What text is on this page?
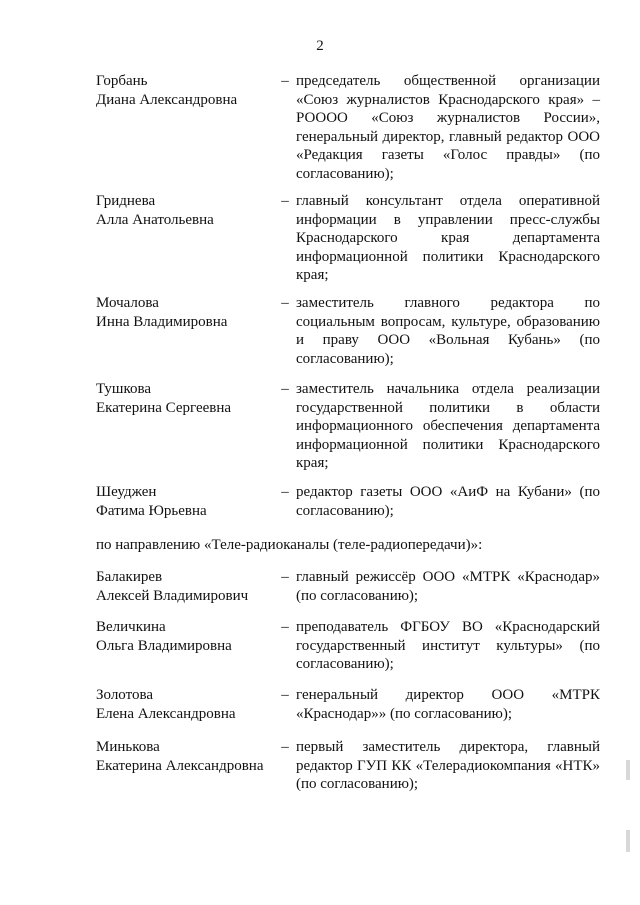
2
Горбань
Диана Александровна
– председатель общественной организации «Союз журналистов Краснодарского края» – РОООО «Союз журналистов России», генеральный директор, главный редактор ООО «Редакция газеты «Голос правды» (по согласованию);
Гриднева
Алла Анатольевна
– главный консультант отдела оперативной информации в управлении пресс-службы Краснодарского края департамента информационной политики Краснодарского края;
Мочалова
Инна Владимировна
– заместитель главного редактора по социальным вопросам, культуре, образованию и праву ООО «Вольная Кубань» (по согласованию);
Тушкова
Екатерина Сергеевна
– заместитель начальника отдела реализации государственной политики в области информационного обеспечения департамента информационной политики Краснодарского края;
Шеуджен
Фатима Юрьевна
– редактор газеты ООО «АиФ на Кубани» (по согласованию);
по направлению «Теле-радиоканалы (теле-радиопередачи)»:
Балакирев
Алексей Владимирович
– главный режиссёр ООО «МТРК «Краснодар» (по согласованию);
Величкина
Ольга Владимировна
– преподаватель ФГБОУ ВО «Краснодарский государственный институт культуры» (по согласованию);
Золотова
Елена Александровна
– генеральный директор ООО «МТРК «Краснодар»» (по согласованию);
Минькова
Екатерина Александровна
– первый заместитель директора, главный редактор ГУП КК «Телерадиокомпания «НТК» (по согласованию);
